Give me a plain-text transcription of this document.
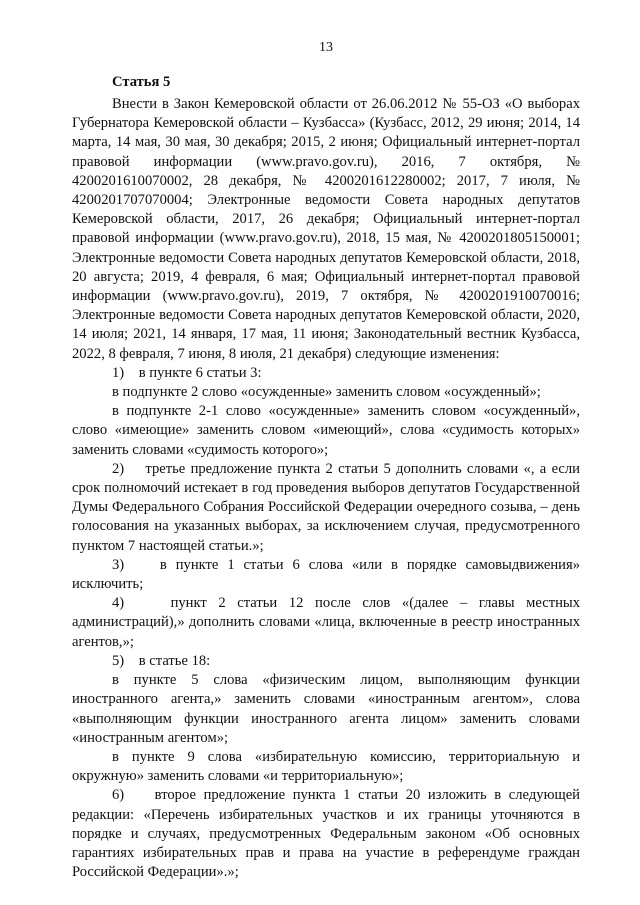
13
Статья 5

Внести в Закон Кемеровской области от 26.06.2012 № 55-ОЗ «О выборах Губернатора Кемеровской области – Кузбасса» (Кузбасс, 2012, 29 июня; 2014, 14 марта, 14 мая, 30 мая, 30 декабря; 2015, 2 июня; Официальный интернет-портал правовой информации (www.pravo.gov.ru), 2016, 7 октября, № 4200201610070002, 28 декабря, № 4200201612280002; 2017, 7 июля, № 4200201707070004; Электронные ведомости Совета народных депутатов Кемеровской области, 2017, 26 декабря; Официальный интернет-портал правовой информации (www.pravo.gov.ru), 2018, 15 мая, № 4200201805150001; Электронные ведомости Совета народных депутатов Кемеровской области, 2018, 20 августа; 2019, 4 февраля, 6 мая; Официальный интернет-портал правовой информации (www.pravo.gov.ru), 2019, 7 октября, № 4200201910070016; Электронные ведомости Совета народных депутатов Кемеровской области, 2020, 14 июля; 2021, 14 января, 17 мая, 11 июня; Законодательный вестник Кузбасса, 2022, 8 февраля, 7 июня, 8 июля, 21 декабря) следующие изменения:

1)    в пункте 6 статьи 3:

в подпункте 2 слово «осужденные» заменить словом «осужденный»;

в подпункте 2-1 слово «осужденные» заменить словом «осужденный», слово «имеющие» заменить словом «имеющий», слова «судимость которых» заменить словами «судимость которого»;

2)    третье предложение пункта 2 статьи 5 дополнить словами «, а если срок полномочий истекает в год проведения выборов депутатов Государственной Думы Федерального Собрания Российской Федерации очередного созыва, – день голосования на указанных выборах, за исключением случая, предусмотренного пунктом 7 настоящей статьи.»;

3)    в пункте 1 статьи 6 слова «или в порядке самовыдвижения» исключить;

4)    пункт 2 статьи 12 после слов «(далее – главы местных администраций),» дополнить словами «лица, включенные в реестр иностранных агентов,»;

5)    в статье 18:

в пункте 5 слова «физическим лицом, выполняющим функции иностранного агента,» заменить словами «иностранным агентом», слова «выполняющим функции иностранного агента лицом» заменить словами «иностранным агентом»;

в пункте 9 слова «избирательную комиссию, территориальную и окружную» заменить словами «и территориальную»;

6)    второе предложение пункта 1 статьи 20 изложить в следующей редакции: «Перечень избирательных участков и их границы уточняются в порядке и случаях, предусмотренных Федеральным законом «Об основных гарантиях избирательных прав и права на участие в референдуме граждан Российской Федерации».»;
